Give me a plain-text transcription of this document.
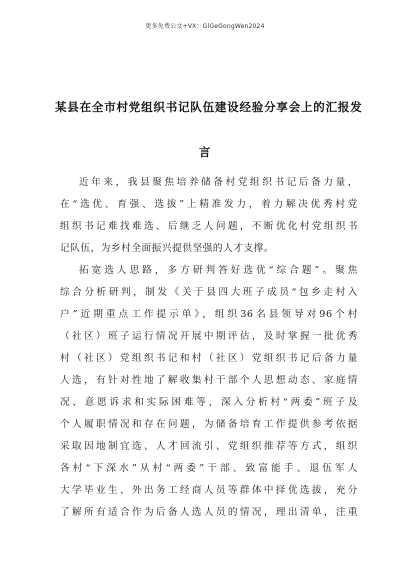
更多免费公文+VX：GlGeGongWen2024
某县在全市村党组织书记队伍建设经验分享会上的汇报发
言
近年来，我县聚焦培养储备村党组织书记后备力量，
在“选优、育强、选拔”上精准发力，着力解决优秀村党
组织书记难找难选、后继乏人问题，不断优化村党组织书
记队伍，为乡村全面振兴提供坚强的人才支撑。
拓宽选人思路，多方研判答好选优“综合题”。聚焦
综合分析研判，制发《关于县四大班子成员“包乡走村入
户”近期重点工作提示单》，组织36名县领导对96个村
（社区）班子运行情况开展中期评估，及时掌握一批优秀
村（社区）党组织书记和村（社区）党组织书记后备力量
人选，有针对性地了解收集村干部个人思想动态、家庭情
况、意愿诉求和实际困难等，深入分析村“两委”班子及
个人履职情况和存在问题，为储备培育工作提供参考依据
采取因地制宜选、人才回流引、党组织推荐等方式，组织
各村“下深水”从村“两委”干部、致富能手、退伍军人
大学毕业生、外出务工经商人员等群体中择优选拔，充分
了解所有适合作为后备人选人员的情况，理出清单，注重
